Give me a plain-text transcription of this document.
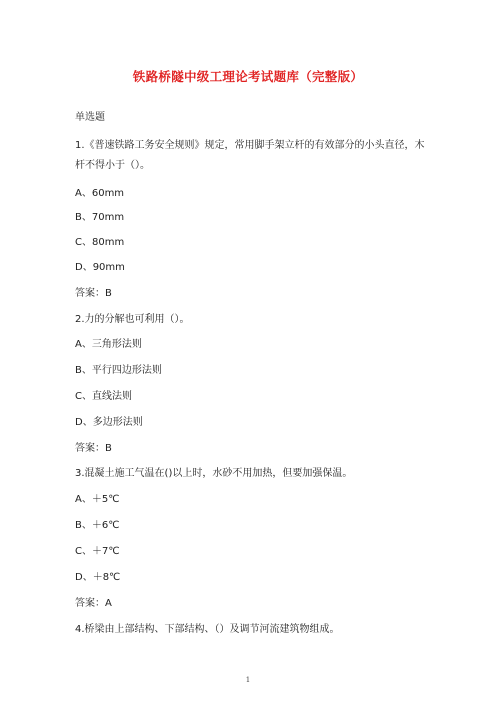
铁路桥隧中级工理论考试题库（完整版）
单选题
1.《普速铁路工务安全规则》规定，常用脚手架立杆的有效部分的小头直径，木
杆不得小于（）。
A、60mm
B、70mm
C、80mm
D、90mm
答案：B
2.力的分解也可利用（）。
A、三角形法则
B、平行四边形法则
C、直线法则
D、多边形法则
答案：B
3.混凝土施工气温在()以上时，水砂不用加热，但要加强保温。
A、＋5℃
B、＋6℃
C、＋7℃
D、＋8℃
答案：A
4.桥梁由上部结构、下部结构、（）及调节河流建筑物组成。
1
